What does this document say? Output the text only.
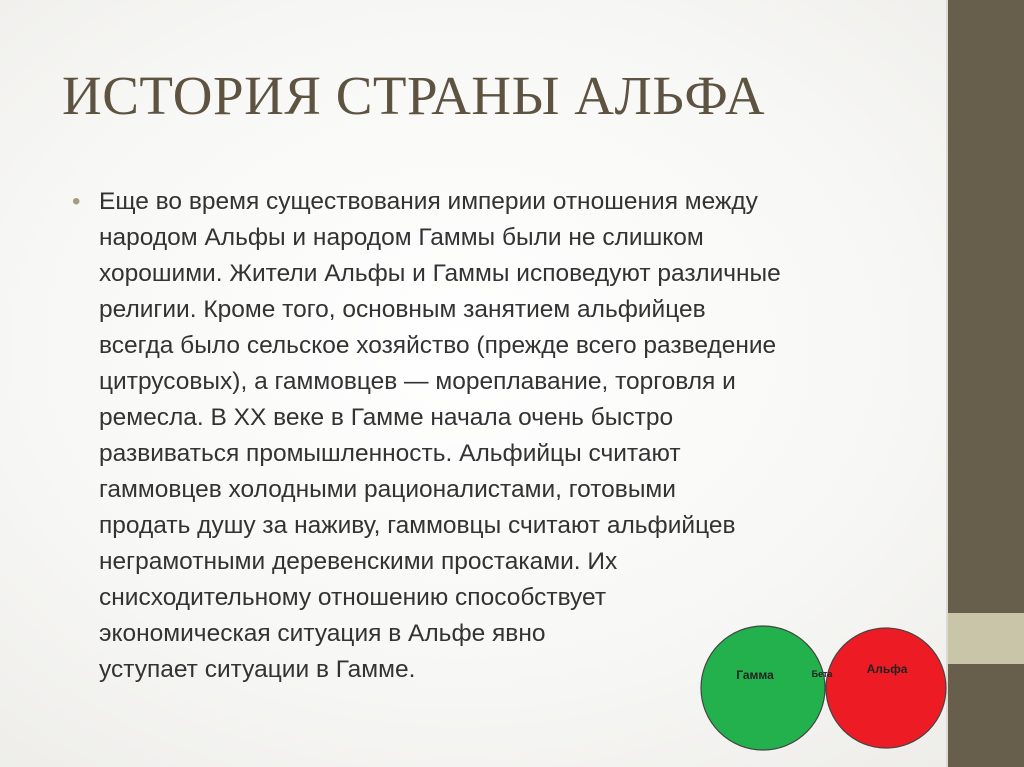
ИСТОРИЯ СТРАНЫ АЛЬФА
• Еще во время существования империи отношения между
народом Альфы и народом Гаммы были не слишком
хорошими. Жители Альфы и Гаммы исповедуют различные
религии. Кроме того, основным занятием альфийцев
всегда было сельское хозяйство (прежде всего разведение
цитрусовых), а гаммовцев — мореплавание, торговля и
ремесла. В XX веке в Гамме начала очень быстро
развиваться промышленность. Альфийцы считают
гаммовцев холодными рационалистами, готовыми
продать душу за наживу, гаммовцы считают альфийцев
неграмотными деревенскими простаками. Их
снисходительному отношению способствует
экономическая ситуация в Альфе явно
уступает ситуации в Гамме.	Гамма	Альфа
Бета
